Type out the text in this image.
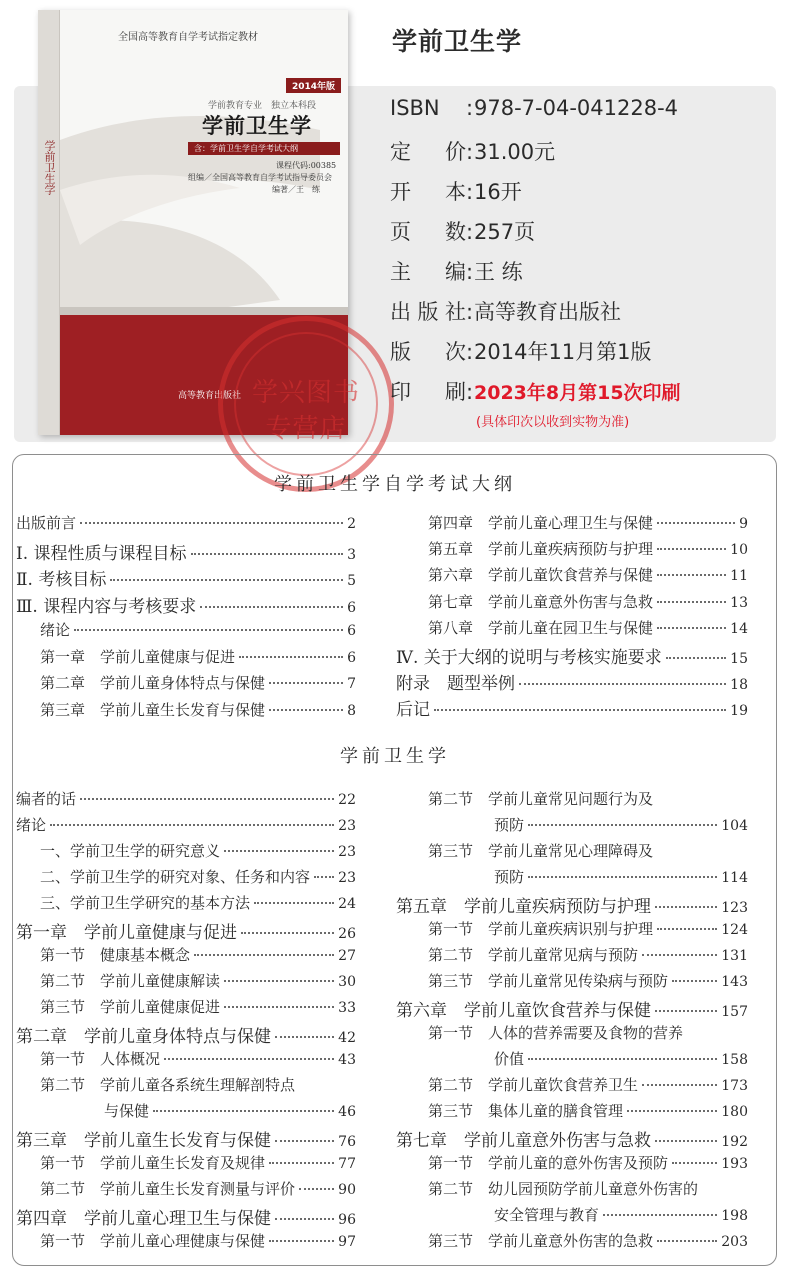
学前卫生学
学前卫生学
全国高等教育自学考试指定教材
2014年版
学前教育专业　独立本科段
学前卫生学
含：学前卫生学自学考试大纲
课程代码:00385
组编／全国高等教育自学考试指导委员会
编著／王　练
高等教育出版社 学兴图书
专营店
ISBN :978-7-04-041228-4
定价:31.00元
开本:16开
页数:257页
主编:王 练
出版社:高等教育出版社
版次:2014年11月第1版
印刷:2023年8月第15次印刷
(具体印次以收到实物为准)
学前卫生学自学考试大纲
学前卫生学
出版前言	2
Ⅰ. 课程性质与课程目标	3
Ⅱ. 考核目标	5
Ⅲ. 课程内容与考核要求	6
绪论	6
第一章　学前儿童健康与促进	6
第二章　学前儿童身体特点与保健	7
第三章　学前儿童生长发育与保健	8
第四章　学前儿童心理卫生与保健	9
第五章　学前儿童疾病预防与护理	10
第六章　学前儿童饮食营养与保健	11
第七章　学前儿童意外伤害与急救	13
第八章　学前儿童在园卫生与保健	14
Ⅳ. 关于大纲的说明与考核实施要求	15
附录　题型举例	18
后记	19
编者的话	22
绪论	23
一、学前卫生学的研究意义	23
二、学前卫生学的研究对象、任务和内容 23
三、学前卫生学研究的基本方法	24
第一章　学前儿童健康与促进	26
第一节　健康基本概念	27
第二节　学前儿童健康解读	30
第三节　学前儿童健康促进	33
第二章　学前儿童身体特点与保健	42
第一节　人体概况	43
第二节　学前儿童各系统生理解剖特点
与保健	46
第三章　学前儿童生长发育与保健	76
第一节　学前儿童生长发育及规律	77
第二节　学前儿童生长发育测量与评价	90
第四章　学前儿童心理卫生与保健	96
第一节　学前儿童心理健康与保健	97
第二节　学前儿童常见问题行为及
预防	104
第三节　学前儿童常见心理障碍及
预防	114
第五章　学前儿童疾病预防与护理	123
第一节　学前儿童疾病识别与护理	124
第二节　学前儿童常见病与预防	131
第三节　学前儿童常见传染病与预防	143
第六章　学前儿童饮食营养与保健	157
第一节　人体的营养需要及食物的营养
价值	158
第二节　学前儿童饮食营养卫生	173
第三节　集体儿童的膳食管理	180
第七章　学前儿童意外伤害与急救	192
第一节　学前儿童的意外伤害及预防	193
第二节　幼儿园预防学前儿童意外伤害的
安全管理与教育	198
第三节　学前儿童意外伤害的急救	203
